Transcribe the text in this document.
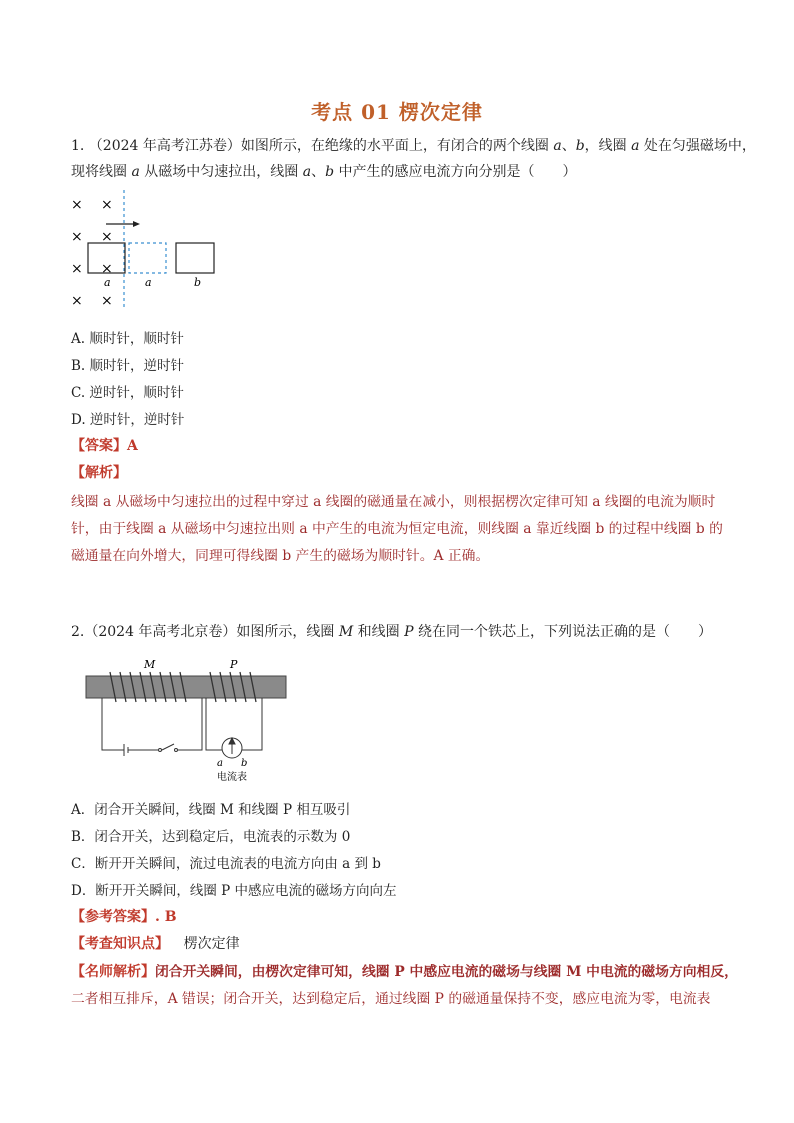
考点 01 楞次定律
1. （2024 年高考江苏卷）如图所示，在绝缘的水平面上，有闭合的两个线圈 a、b，线圈 a 处在匀强磁场中，
现将线圈 a 从磁场中匀速拉出，线圈 a、b 中产生的感应电流方向分别是（　　）
× ×
× ×
× ×
× ×
a	a	b
A. 顺时针，顺时针
B. 顺时针，逆时针
C. 逆时针，顺时针
D. 逆时针，逆时针
【答案】A
【解析】
线圈 a 从磁场中匀速拉出的过程中穿过 a 线圈的磁通量在减小，则根据楞次定律可知 a 线圈的电流为顺时
针，由于线圈 a 从磁场中匀速拉出则 a 中产生的电流为恒定电流，则线圈 a 靠近线圈 b 的过程中线圈 b 的
磁通量在向外增大，同理可得线圈 b 产生的磁场为顺时针。A 正确。
2.（2024 年高考北京卷）如图所示，线圈 M 和线圈 P 绕在同一个铁芯上，下列说法正确的是（　　）
M	P
a b
电流表
A．闭合开关瞬间，线圈 M 和线圈 P 相互吸引
B．闭合开关，达到稳定后，电流表的示数为 0
C．断开开关瞬间，流过电流表的电流方向由 a 到 b
D．断开开关瞬间，线圈 P 中感应电流的磁场方向向左
【参考答案】. B
【考查知识点】 楞次定律
【名师解析】闭合开关瞬间，由楞次定律可知，线圈 P 中感应电流的磁场与线圈 M 中电流的磁场方向相反，
二者相互排斥，A 错误；闭合开关，达到稳定后，通过线圈 P 的磁通量保持不变，感应电流为零，电流表
